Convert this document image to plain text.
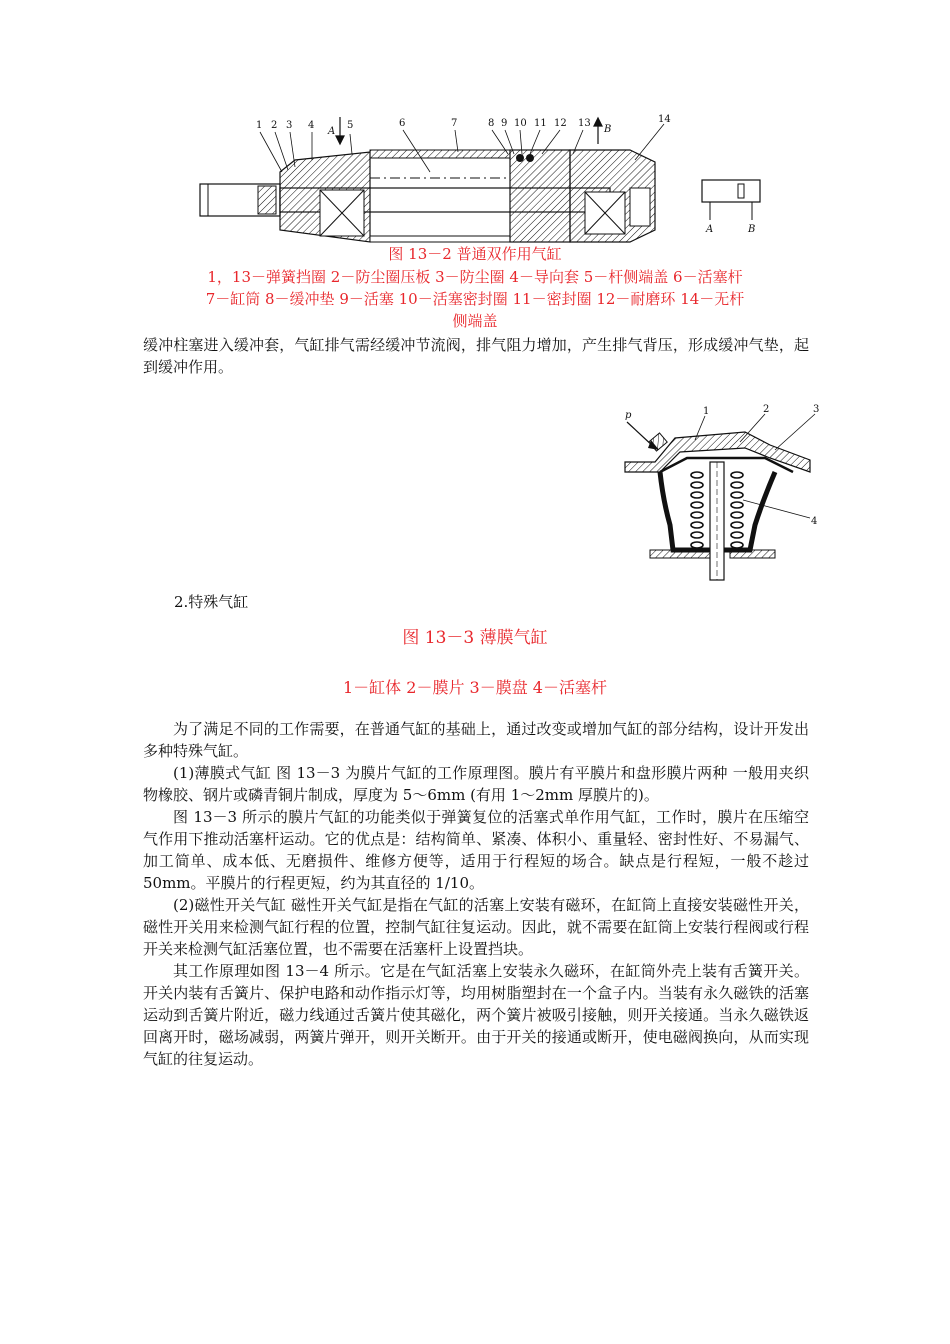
1 2 3 4
A
5	6	7	8 9 10 11 12 13
B
14
A	B
图 13－2 普通双作用气缸
1，13－弹簧挡圈 2－防尘圈压板 3－防尘圈 4－导向套 5－杆侧端盖 6－活塞杆
7－缸筒 8－缓冲垫 9－活塞 10－活塞密封圈 11－密封圈 12－耐磨环 14－无杆
侧端盖

缓冲柱塞进入缓冲套，气缸排气需经缓冲节流阀，排气阻力增加，产生排气背压，形成缓冲气垫，起到缓冲作用。

p	1	2	3
4
2.特殊气缸
图 13－3 薄膜气缸
1－缸体 2－膜片 3－膜盘 4－活塞杆

为了满足不同的工作需要，在普通气缸的基础上，通过改变或增加气缸的部分结构，设计开发出多种特殊气缸。

(1)薄膜式气缸 图 13－3 为膜片气缸的工作原理图。膜片有平膜片和盘形膜片两种 一般用夹织物橡胶、钢片或磷青铜片制成，厚度为 5～6mm (有用 1～2mm 厚膜片的)。

图 13－3 所示的膜片气缸的功能类似于弹簧复位的活塞式单作用气缸，工作时，膜片在压缩空气作用下推动活塞杆运动。它的优点是：结构简单、紧凑、体积小、重量轻、密封性好、不易漏气、加工简单、成本低、无磨损件、维修方便等，适用于行程短的场合。缺点是行程短，一般不趁过 50mm。平膜片的行程更短，约为其直径的 1/10。

(2)磁性开关气缸 磁性开关气缸是指在气缸的活塞上安装有磁环，在缸筒上直接安装磁性开关，磁性开关用来检测气缸行程的位置，控制气缸往复运动。因此，就不需要在缸筒上安装行程阀或行程开关来检测气缸活塞位置，也不需要在活塞杆上设置挡块。

其工作原理如图 13－4 所示。它是在气缸活塞上安装永久磁环，在缸筒外壳上装有舌簧开关。开关内装有舌簧片、保护电路和动作指示灯等，均用树脂塑封在一个盒子内。当装有永久磁铁的活塞运动到舌簧片附近，磁力线通过舌簧片使其磁化，两个簧片被吸引接触，则开关接通。当永久磁铁返回离开时，磁场减弱，两簧片弹开，则开关断开。由于开关的接通或断开，使电磁阀换向，从而实现气缸的往复运动。
